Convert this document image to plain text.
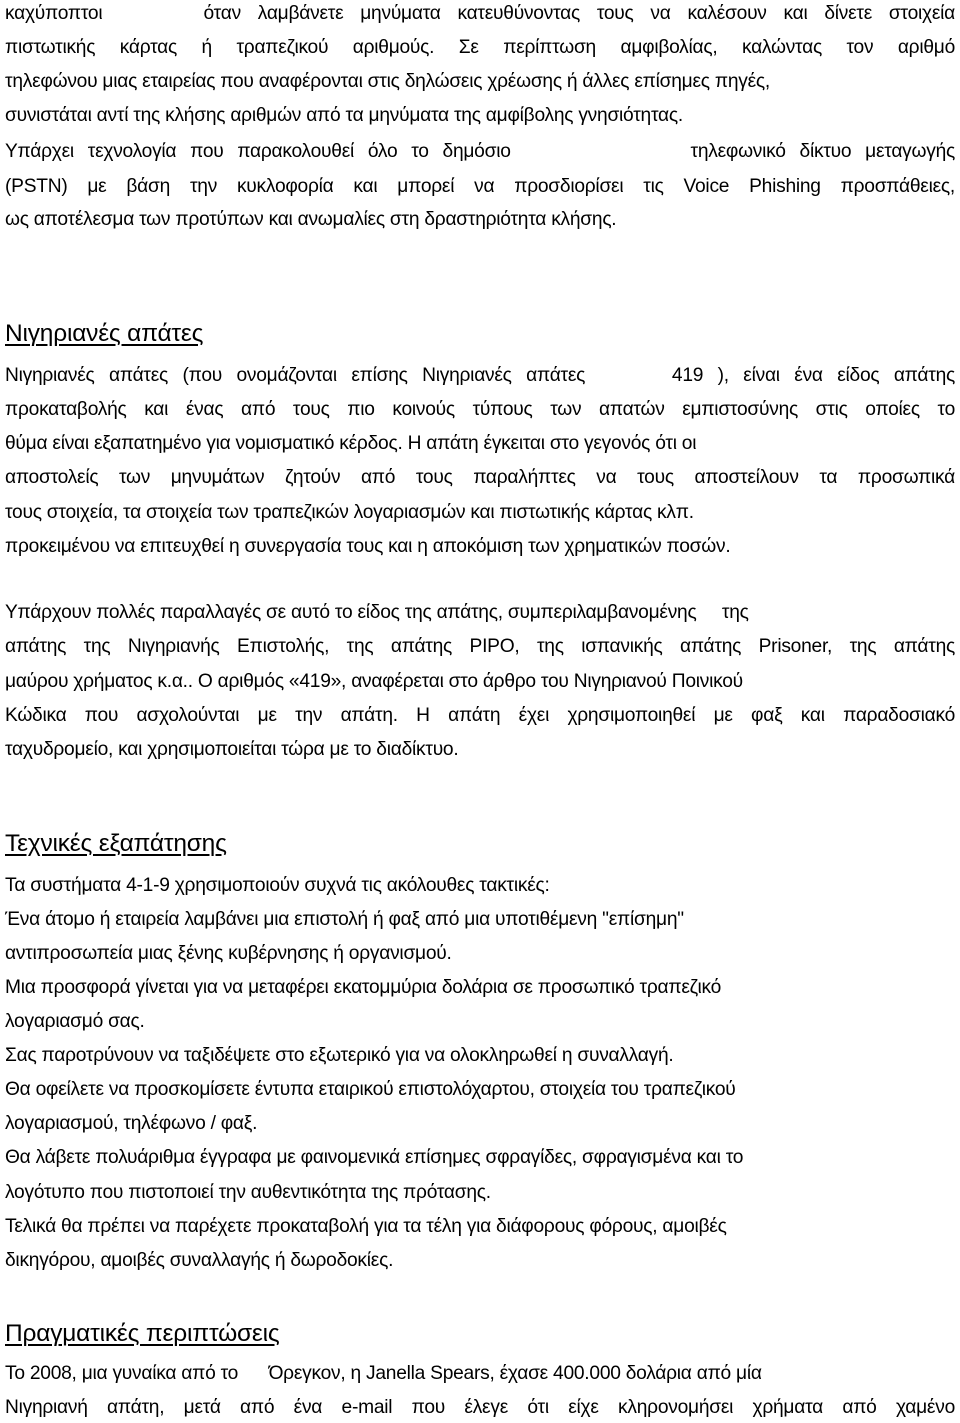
καχύποπτοι      όταν λαμβάνετε μηνύματα κατευθύνοντας τους να καλέσουν και δίνετε στοιχεία
πιστωτικής κάρτας ή τραπεζικού αριθμούς. Σε περίπτωση αμφιβολίας, καλώντας τον αριθμό
τηλεφώνου μιας εταιρείας που αναφέρονται στις δηλώσεις χρέωσης ή άλλες επίσημες πηγές,
συνιστάται αντί της κλήσης αριθμών από τα μηνύματα της αμφίβολης γνησιότητας.
Υπάρχει τεχνολογία που παρακολουθεί όλο το δημόσιο             τηλεφωνικό δίκτυο μεταγωγής
(PSTN) με βάση την κυκλοφορία και μπορεί να προσδιορίσει τις Voice Phishing προσπάθειες,
ως αποτέλεσμα των προτύπων και ανωμαλίες στη δραστηριότητα κλήσης.
Νιγηριανές απάτες
Νιγηριανές απάτες (που ονομάζονται επίσης Νιγηριανές απάτες      419 ), είναι ένα είδος απάτης
προκαταβολής και ένας από τους πιο κοινούς τύπους των απατών εμπιστοσύνης στις οποίες το
θύμα είναι εξαπατημένο για νομισματικό κέρδος. Η απάτη έγκειται στο γεγονός ότι οι
αποστολείς των μηνυμάτων ζητούν από τους παραλήπτες να τους αποστείλουν τα προσωπικά
τους στοιχεία, τα στοιχεία των τραπεζικών λογαριασμών και πιστωτικής κάρτας κλπ.
προκειμένου να επιτευχθεί η συνεργασία τους και η αποκόμιση των χρηματικών ποσών.
Υπάρχουν πολλές παραλλαγές σε αυτό το είδος της απάτης, συμπεριλαμβανομένης     της
απάτης της Νιγηριανής Επιστολής, της απάτης PIPO, της ισπανικής απάτης Prisoner, της απάτης
μαύρου χρήματος κ.α.. Ο αριθμός «419», αναφέρεται στο άρθρο του Νιγηριανού Ποινικού
Κώδικα που ασχολούνται με την απάτη. Η απάτη έχει χρησιμοποιηθεί με φαξ και παραδοσιακό
ταχυδρομείο, και χρησιμοποιείται τώρα με το διαδίκτυο.
Τεχνικές εξαπάτησης
Τα συστήματα 4-1-9 χρησιμοποιούν συχνά τις ακόλουθες τακτικές:
Ένα άτομο ή εταιρεία λαμβάνει μια επιστολή ή φαξ από μια υποτιθέμενη "επίσημη"
αντιπροσωπεία μιας ξένης κυβέρνησης ή οργανισμού.
Μια προσφορά γίνεται για να μεταφέρει εκατομμύρια δολάρια σε προσωπικό τραπεζικό
λογαριασμό σας.
Σας παροτρύνουν να ταξιδέψετε στο εξωτερικό για να ολοκληρωθεί η συναλλαγή.
Θα οφείλετε να προσκομίσετε έντυπα εταιρικού επιστολόχαρτου, στοιχεία του τραπεζικού
λογαριασμού, τηλέφωνο / φαξ.
Θα λάβετε πολυάριθμα έγγραφα με φαινομενικά επίσημες σφραγίδες, σφραγισμένα και το
λογότυπο που πιστοποιεί την αυθεντικότητα της πρότασης.
Τελικά θα πρέπει να παρέχετε προκαταβολή για τα τέλη για διάφορους φόρους, αμοιβές
δικηγόρου, αμοιβές συναλλαγής ή δωροδοκίες.
Πραγματικές περιπτώσεις
Το 2008, μια γυναίκα από το      Όρεγκον, η Janella Spears, έχασε 400.000 δολάρια από μία
Νιγηριανή απάτη, μετά από ένα e-mail που έλεγε ότι είχε κληρονομήσει χρήματα από χαμένο
